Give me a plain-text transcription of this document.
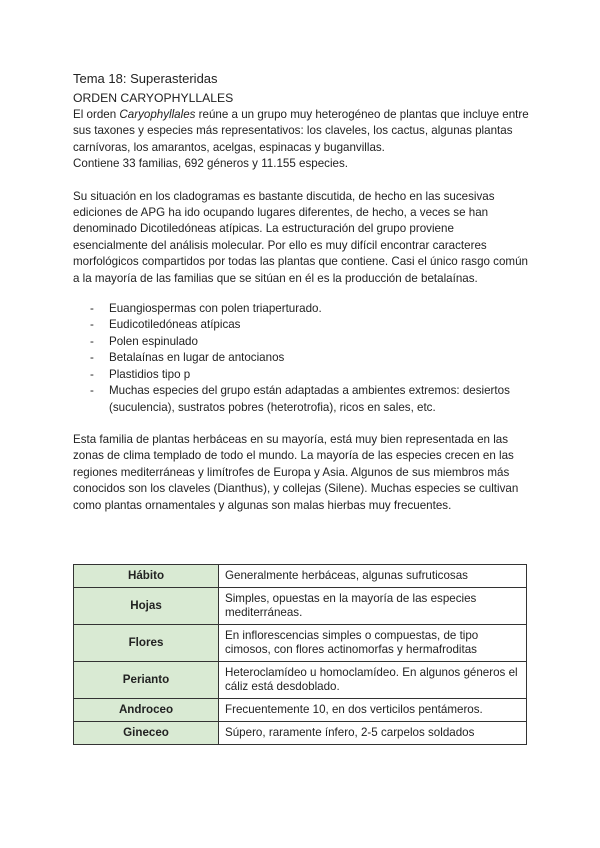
Tema 18: Superasteridas
ORDEN CARYOPHYLLALES

El orden Caryophyllales reúne a un grupo muy heterogéneo de plantas que incluye entre sus taxones y especies más representativos: los claveles, los cactus, algunas plantas carnívoras, los amarantos, acelgas, espinacas y buganvillas.

Contiene 33 familias, 692 géneros y 11.155 especies.

Su situación en los cladogramas es bastante discutida, de hecho en las sucesivas ediciones de APG ha ido ocupando lugares diferentes, de hecho, a veces se han denominado Dicotiledóneas atípicas. La estructuración del grupo proviene esencialmente del análisis molecular. Por ello es muy difícil encontrar caracteres morfológicos compartidos por todas las plantas que contiene. Casi el único rasgo común a la mayoría de las familias que se sitúan en él es la producción de betalaínas.

- Euangiospermas con polen triaperturado.
- Eudicotiledóneas atípicas
- Polen espinulado
- Betalaínas en lugar de antocianos
- Plastidios tipo p
- Muchas especies del grupo están adaptadas a ambientes extremos: desiertos (suculencia), sustratos pobres (heterotrofia), ricos en sales, etc.

Esta familia de plantas herbáceas en su mayoría, está muy bien representada en las zonas de clima templado de todo el mundo. La mayoría de las especies crecen en las regiones mediterráneas y limítrofes de Europa y Asia. Algunos de sus miembros más conocidos son los claveles (Dianthus), y collejas (Silene). Muchas especies se cultivan como plantas ornamentales y algunas son malas hierbas muy frecuentes.

Hábito	Generalmente herbáceas, algunas sufruticosas
Hojas	Simples, opuestas en la mayoría de las especies mediterráneas.
Flores	En inflorescencias simples o compuestas, de tipo cimosos, con flores actinomorfas y hermafroditas
Perianto	Heteroclamídeo u homoclamídeo. En algunos géneros el cáliz está desdoblado.
Androceo	Frecuentemente 10, en dos verticilos pentámeros.
Gineceo	Súpero, raramente ínfero, 2-5 carpelos soldados
